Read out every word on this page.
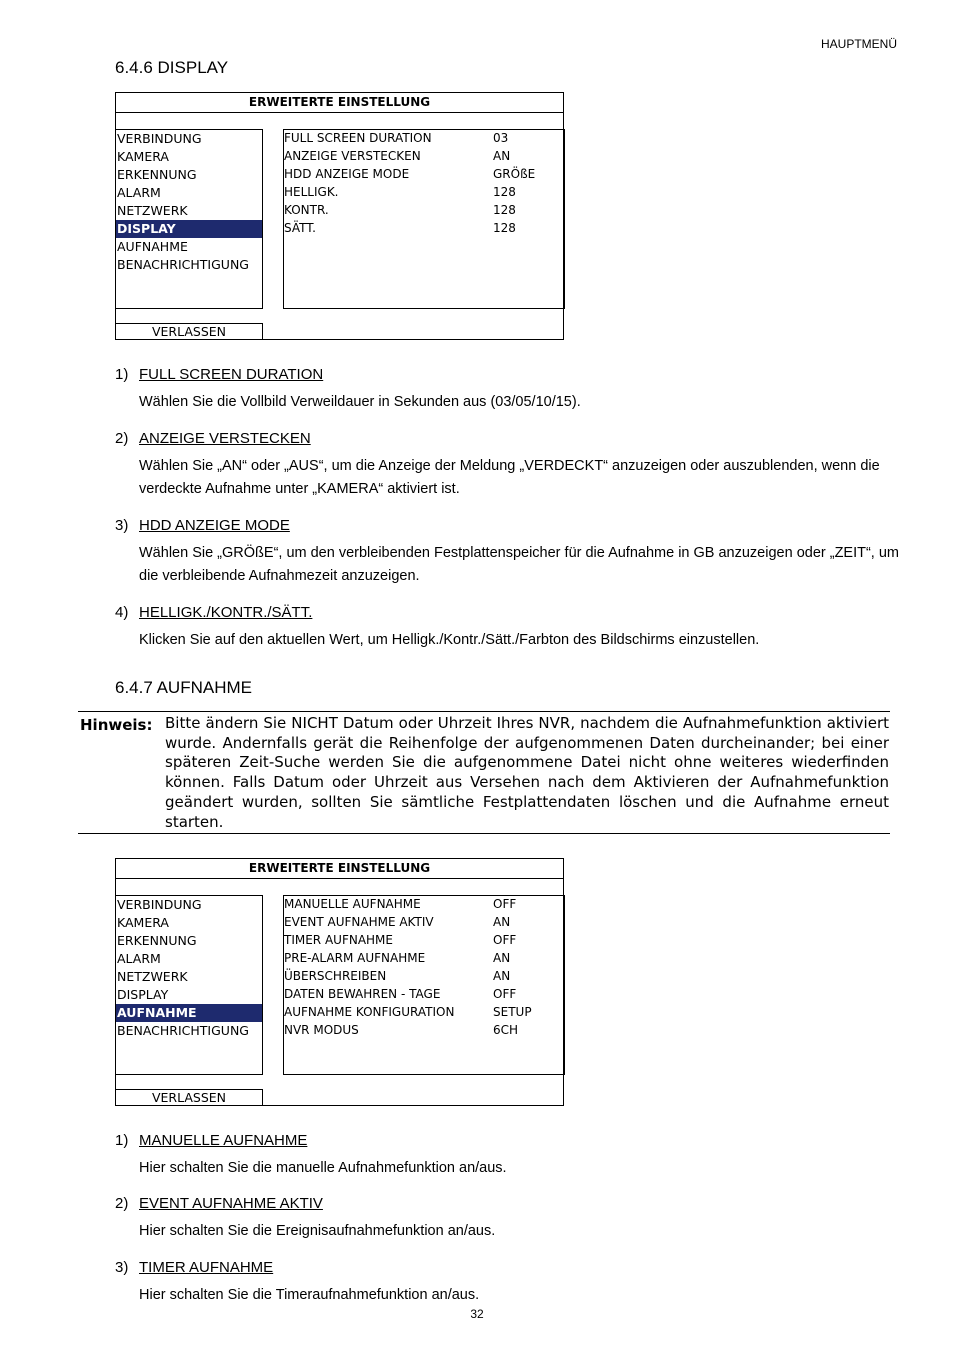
HAUPTMENÜ
6.4.6 DISPLAY
ERWEITERTE EINSTELLUNG
VERBINDUNG
KAMERA
ERKENNUNG
ALARM
NETZWERK
DISPLAY
AUFNAHME
BENACHRICHTIGUNG
FULL SCREEN DURATION	03
ANZEIGE VERSTECKEN	AN
HDD ANZEIGE MODE	GRÖßE
HELLIGK.	128
KONTR.	128
SÄTT.	128
VERLASSEN
1) FULL SCREEN DURATION
Wählen Sie die Vollbild Verweildauer in Sekunden aus (03/05/10/15).
2) ANZEIGE VERSTECKEN
Wählen Sie „AN“ oder „AUS“, um die Anzeige der Meldung „VERDECKT“ anzuzeigen oder auszublenden, wenn die verdeckte Aufnahme unter „KAMERA“ aktiviert ist.
3) HDD ANZEIGE MODE
Wählen Sie „GRÖßE“, um den verbleibenden Festplattenspeicher für die Aufnahme in GB anzuzeigen oder „ZEIT“, um die verbleibende Aufnahmezeit anzuzeigen.
4) HELLIGK./KONTR./SÄTT.
Klicken Sie auf den aktuellen Wert, um Helligk./Kontr./Sätt./Farbton des Bildschirms einzustellen.
6.4.7 AUFNAHME
Hinweis: Bitte ändern Sie NICHT Datum oder Uhrzeit Ihres NVR, nachdem die Aufnahmefunktion aktiviert wurde. Andernfalls gerät die Reihenfolge der aufgenommenen Daten durcheinander; bei einer späteren Zeit-Suche werden Sie die aufgenommene Datei nicht ohne weiteres wiederfinden können. Falls Datum oder Uhrzeit aus Versehen nach dem Aktivieren der Aufnahmefunktion geändert wurden, sollten Sie sämtliche Festplattendaten löschen und die Aufnahme erneut starten.
ERWEITERTE EINSTELLUNG
VERBINDUNG
KAMERA
ERKENNUNG
ALARM
NETZWERK
DISPLAY
AUFNAHME
BENACHRICHTIGUNG
MANUELLE AUFNAHME	OFF
EVENT AUFNAHME AKTIV	AN
TIMER AUFNAHME	OFF
PRE-ALARM AUFNAHME	AN
ÜBERSCHREIBEN	AN
DATEN BEWAHREN - TAGE	OFF
AUFNAHME KONFIGURATION	SETUP
NVR MODUS	6CH
VERLASSEN
1) MANUELLE AUFNAHME
Hier schalten Sie die manuelle Aufnahmefunktion an/aus.
2) EVENT AUFNAHME AKTIV
Hier schalten Sie die Ereignisaufnahmefunktion an/aus.
3) TIMER AUFNAHME
Hier schalten Sie die Timeraufnahmefunktion an/aus.
32
